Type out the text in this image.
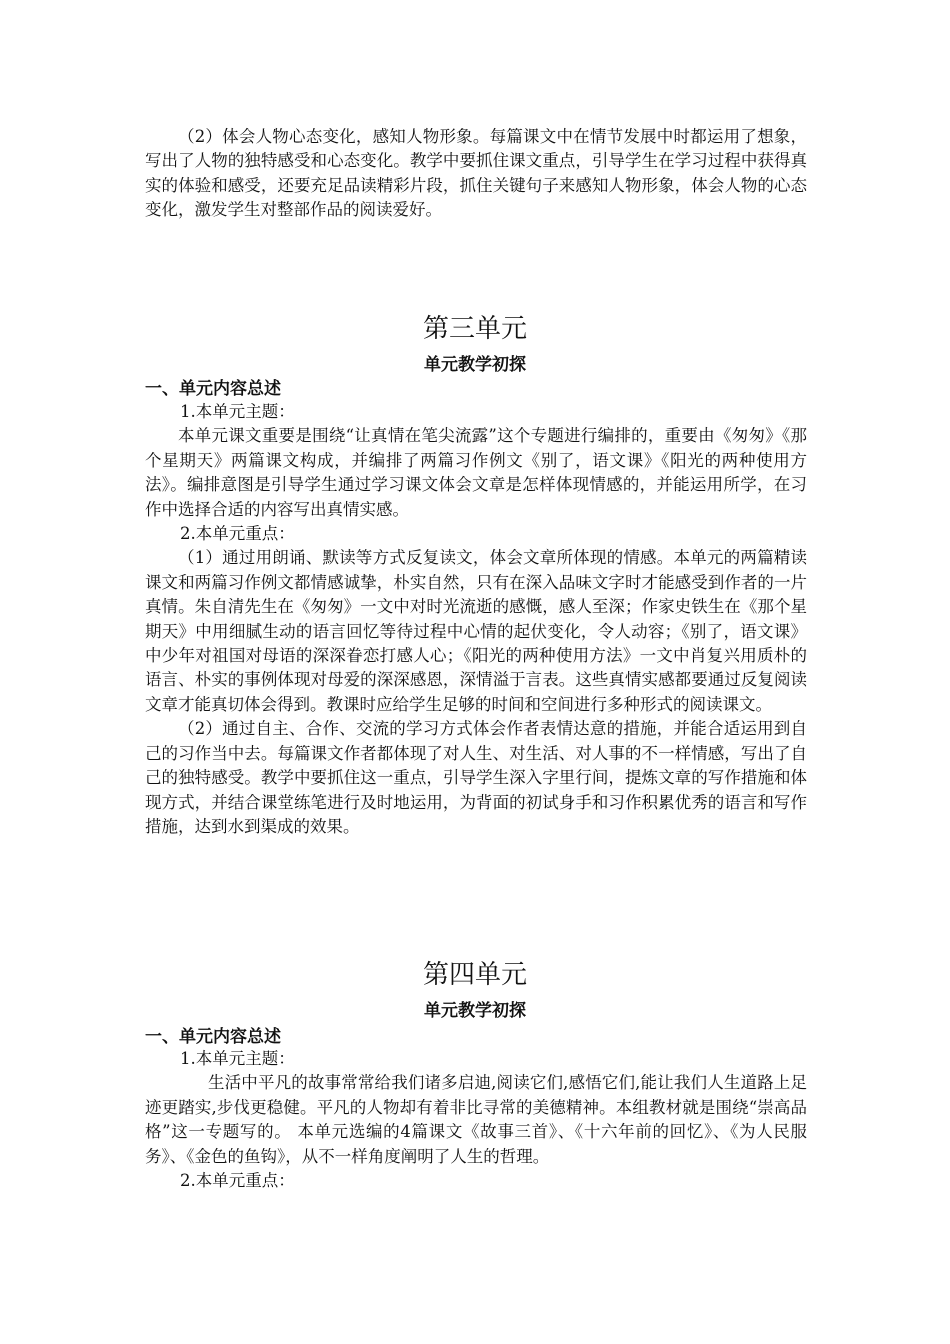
（2）体会人物心态变化，感知人物形象。每篇课文中在情节发展中时都运用了想象，写出了人物的独特感受和心态变化。教学中要抓住课文重点，引导学生在学习过程中获得真实的体验和感受，还要充足品读精彩片段，抓住关键句子来感知人物形象，体会人物的心态变化，激发学生对整部作品的阅读爱好。

第三单元
单元教学初探
一、单元内容总述

1.本单元主题：

本单元课文重要是围绕“让真情在笔尖流露”这个专题进行编排的，重要由《匆匆》《那个星期天》两篇课文构成，并编排了两篇习作例文《别了，语文课》《阳光的两种使用方法》。编排意图是引导学生通过学习课文体会文章是怎样体现情感的，并能运用所学，在习作中选择合适的内容写出真情实感。

2.本单元重点：

（1）通过用朗诵、默读等方式反复读文，体会文章所体现的情感。本单元的两篇精读课文和两篇习作例文都情感诚挚，朴实自然，只有在深入品味文字时才能感受到作者的一片真情。朱自清先生在《匆匆》一文中对时光流逝的感慨，感人至深；作家史铁生在《那个星期天》中用细腻生动的语言回忆等待过程中心情的起伏变化，令人动容；《别了，语文课》中少年对祖国对母语的深深眷恋打感人心；《阳光的两种使用方法》一文中肖复兴用质朴的语言、朴实的事例体现对母爱的深深感恩，深情溢于言表。这些真情实感都要通过反复阅读文章才能真切体会得到。教课时应给学生足够的时间和空间进行多种形式的阅读课文。

（2）通过自主、合作、交流的学习方式体会作者表情达意的措施，并能合适运用到自己的习作当中去。每篇课文作者都体现了对人生、对生活、对人事的不一样情感，写出了自己的独特感受。教学中要抓住这一重点，引导学生深入字里行间，提炼文章的写作措施和体现方式，并结合课堂练笔进行及时地运用，为背面的初试身手和习作积累优秀的语言和写作措施，达到水到渠成的效果。

第四单元
单元教学初探
一、单元内容总述

1.本单元主题：

生活中平凡的故事常常给我们诸多启迪,阅读它们,感悟它们,能让我们人生道路上足迹更踏实,步伐更稳健。平凡的人物却有着非比寻常的美德精神。本组教材就是围绕“崇高品格”这一专题写的。 本单元选编的4篇课文《故事三首》、《十六年前的回忆》、《为人民服务》、《金色的鱼钩》，从不一样角度阐明了人生的哲理。

2.本单元重点：
